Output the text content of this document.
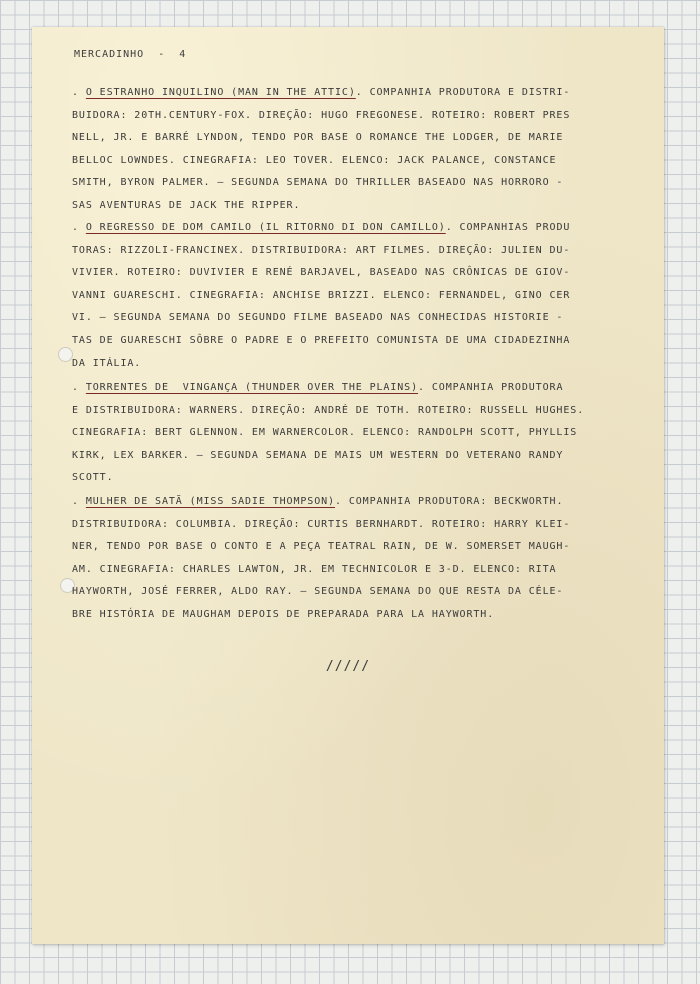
MERCADINHO  -  4
. O ESTRANHO INQUILINO (MAN IN THE ATTIC). COMPANHIA PRODUTORA E DISTRI-
BUIDORA: 20TH.CENTURY-FOX. DIREÇÃO: HUGO FREGONESE. ROTEIRO: ROBERT PRES
NELL, JR. E BARRÉ LYNDON, TENDO POR BASE O ROMANCE THE LODGER, DE MARIE
BELLOC LOWNDES. CINEGRAFIA: LEO TOVER. ELENCO: JACK PALANCE, CONSTANCE
SMITH, BYRON PALMER. — SEGUNDA SEMANA DO THRILLER BASEADO NAS HORRORO -
SAS AVENTURAS DE JACK THE RIPPER.
. O REGRESSO DE DOM CAMILO (IL RITORNO DI DON CAMILLO). COMPANHIAS PRODU
TORAS: RIZZOLI-FRANCINEX. DISTRIBUIDORA: ART FILMES. DIREÇÃO: JULIEN DU-
VIVIER. ROTEIRO: DUVIVIER E RENÉ BARJAVEL, BASEADO NAS CRÔNICAS DE GIOV-
VANNI GUARESCHI. CINEGRAFIA: ANCHISE BRIZZI. ELENCO: FERNANDEL, GINO CER
VI. — SEGUNDA SEMANA DO SEGUNDO FILME BASEADO NAS CONHECIDAS HISTORIE -
TAS DE GUARESCHI SÔBRE O PADRE E O PREFEITO COMUNISTA DE UMA CIDADEZINHA
DA ITÁLIA.
. TORRENTES DE  VINGANÇA (THUNDER OVER THE PLAINS). COMPANHIA PRODUTORA
E DISTRIBUIDORA: WARNERS. DIREÇÃO: ANDRÉ DE TOTH. ROTEIRO: RUSSELL HUGHES.
CINEGRAFIA: BERT GLENNON. EM WARNERCOLOR. ELENCO: RANDOLPH SCOTT, PHYLLIS
KIRK, LEX BARKER. — SEGUNDA SEMANA DE MAIS UM WESTERN DO VETERANO RANDY
SCOTT.
. MULHER DE SATÃ (MISS SADIE THOMPSON). COMPANHIA PRODUTORA: BECKWORTH.
DISTRIBUIDORA: COLUMBIA. DIREÇÃO: CURTIS BERNHARDT. ROTEIRO: HARRY KLEI-
NER, TENDO POR BASE O CONTO E A PEÇA TEATRAL RAIN, DE W. SOMERSET MAUGH-
AM. CINEGRAFIA: CHARLES LAWTON, JR. EM TECHNICOLOR E 3-D. ELENCO: RITA
HAYWORTH, JOSÉ FERRER, ALDO RAY. — SEGUNDA SEMANA DO QUE RESTA DA CÉLE-
BRE HISTÓRIA DE MAUGHAM DEPOIS DE PREPARADA PARA LA HAYWORTH.
/////
